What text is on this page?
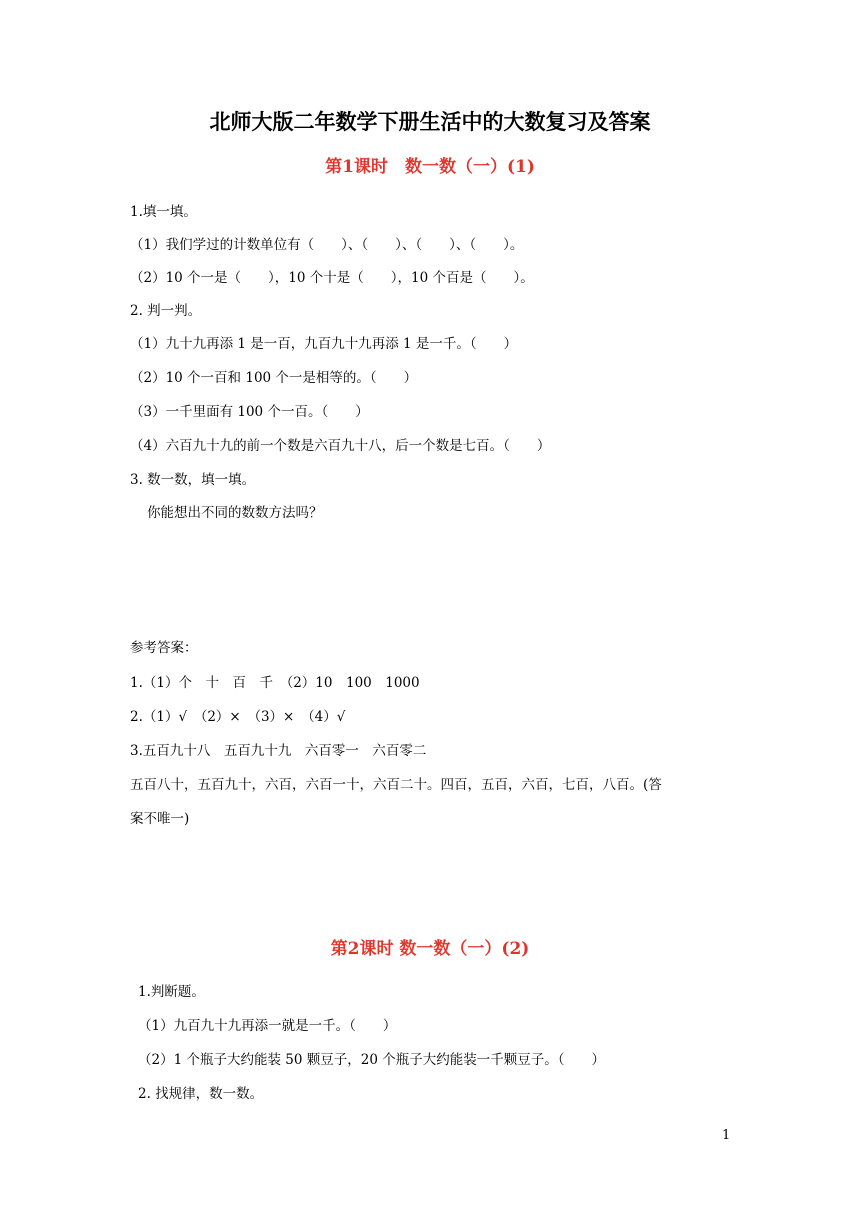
北师大版二年数学下册生活中的大数复习及答案
第1课时　数一数（一）(1)
1.填一填。
（1）我们学过的计数单位有（　　）、（　　）、（　　）、（　　）。
（2）10 个一是（　　），10 个十是（　　），10 个百是（　　）。
2. 判一判。
（1）九十九再添 1 是一百，九百九十九再添 1 是一千。（　　）
（2）10 个一百和 100 个一是相等的。（　　）
（3）一千里面有 100 个一百。（　　）
（4）六百九十九的前一个数是六百九十八，后一个数是七百。（　　）
3. 数一数，填一填。
你能想出不同的数数方法吗？
参考答案：
1.（1）个　十　百　千　（2）10　100　1000
2.（1）√　（2）×　（3）×　（4）√
3.五百九十八　五百九十九　六百零一　六百零二
五百八十，五百九十，六百，六百一十，六百二十。四百，五百，六百，七百，八百。(答
案不唯一)
第2课时 数一数（一）(2)
1.判断题。
（1）九百九十九再添一就是一千。（　　）
（2）1 个瓶子大约能装 50 颗豆子，20 个瓶子大约能装一千颗豆子。（　　）
2. 找规律，数一数。
1
